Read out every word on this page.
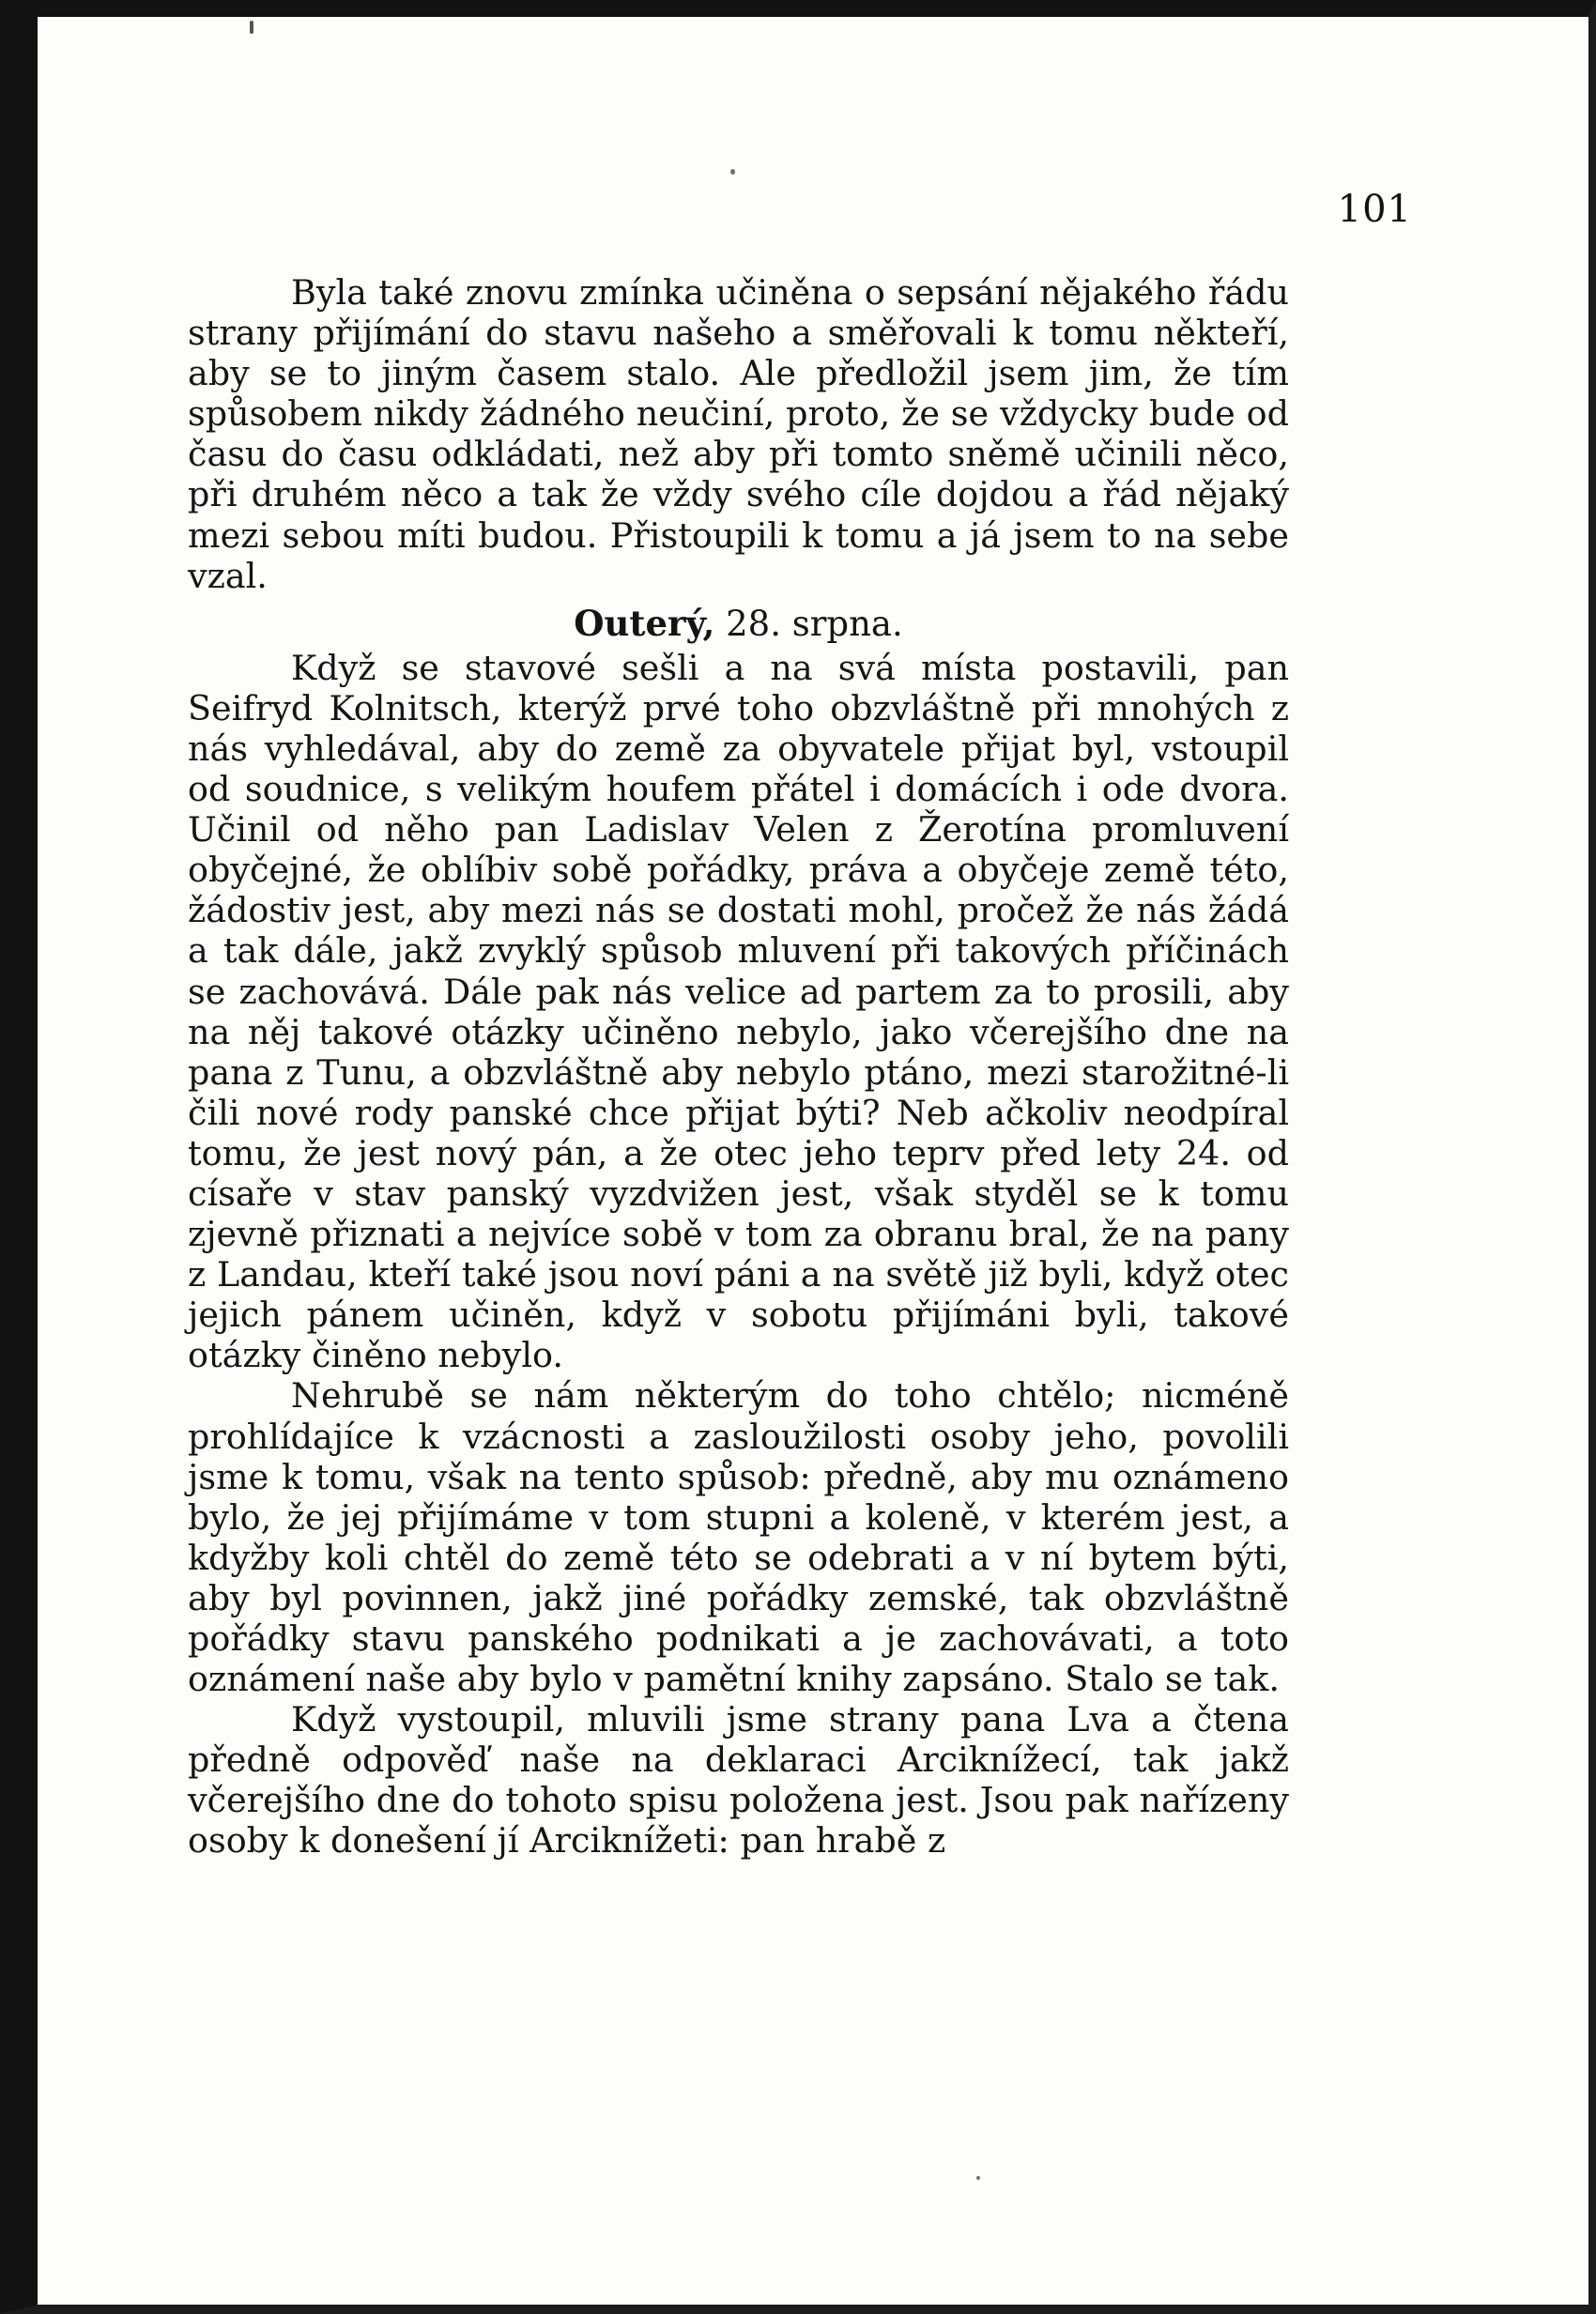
101

Byla také znovu zmínka učiněna o sepsání nějakého řádu strany přijímání do stavu našeho a směřovali k tomu někteří, aby se to jiným časem stalo. Ale předložil jsem jim, že tím spůsobem nikdy žádného neučiní, proto, že se vždycky bude od času do času odkládati, než aby při tomto sněmě učinili něco, při druhém něco a tak že vždy svého cíle dojdou a řád nějaký mezi sebou míti budou. Přistoupili k tomu a já jsem to na sebe vzal.

Outerý, 28. srpna.

Když se stavové sešli a na svá místa postavili, pan Seifryd Kolnitsch, kterýž prvé toho obzvláštně při mnohých z nás vyhledával, aby do země za obyvatele přijat byl, vstoupil od soudnice, s velikým houfem přátel i domácích i ode dvora. Učinil od něho pan Ladislav Velen z Žerotína promluvení obyčejné, že oblíbiv sobě pořádky, práva a obyčeje země této, žádostiv jest, aby mezi nás se dostati mohl, pročež že nás žádá a tak dále, jakž zvyklý spůsob mluvení při takových příčinách se zachovává. Dále pak nás velice ad partem za to prosili, aby na něj takové otázky učiněno nebylo, jako včerejšího dne na pana z Tunu, a obzvláštně aby nebylo ptáno, mezi starožitné-li čili nové rody panské chce přijat býti? Neb ačkoliv neodpíral tomu, že jest nový pán, a že otec jeho teprv před lety 24. od císaře v stav panský vyzdvižen jest, však styděl se k tomu zjevně přiznati a nejvíce sobě v tom za obranu bral, že na pany z Landau, kteří také jsou noví páni a na světě již byli, když otec jejich pánem učiněn, když v sobotu přijímáni byli, takové otázky činěno nebylo.

Nehrubě se nám některým do toho chtělo; nicméně prohlídajíce k vzácnosti a zasloužilosti osoby jeho, povolili jsme k tomu, však na tento spůsob: předně, aby mu oznámeno bylo, že jej přijímáme v tom stupni a koleně, v kterém jest, a kdyžby koli chtěl do země této se odebrati a v ní bytem býti, aby byl povinnen, jakž jiné pořádky zemské, tak obzvláštně pořádky stavu panského podnikati a je zachovávati, a toto oznámení naše aby bylo v pamětní knihy zapsáno. Stalo se tak.

Když vystoupil, mluvili jsme strany pana Lva a čtena předně odpověď naše na deklaraci Arciknížecí, tak jakž včerejšího dne do tohoto spisu položena jest. Jsou pak nařízeny osoby k donešení jí Arciknížeti: pan hrabě z
